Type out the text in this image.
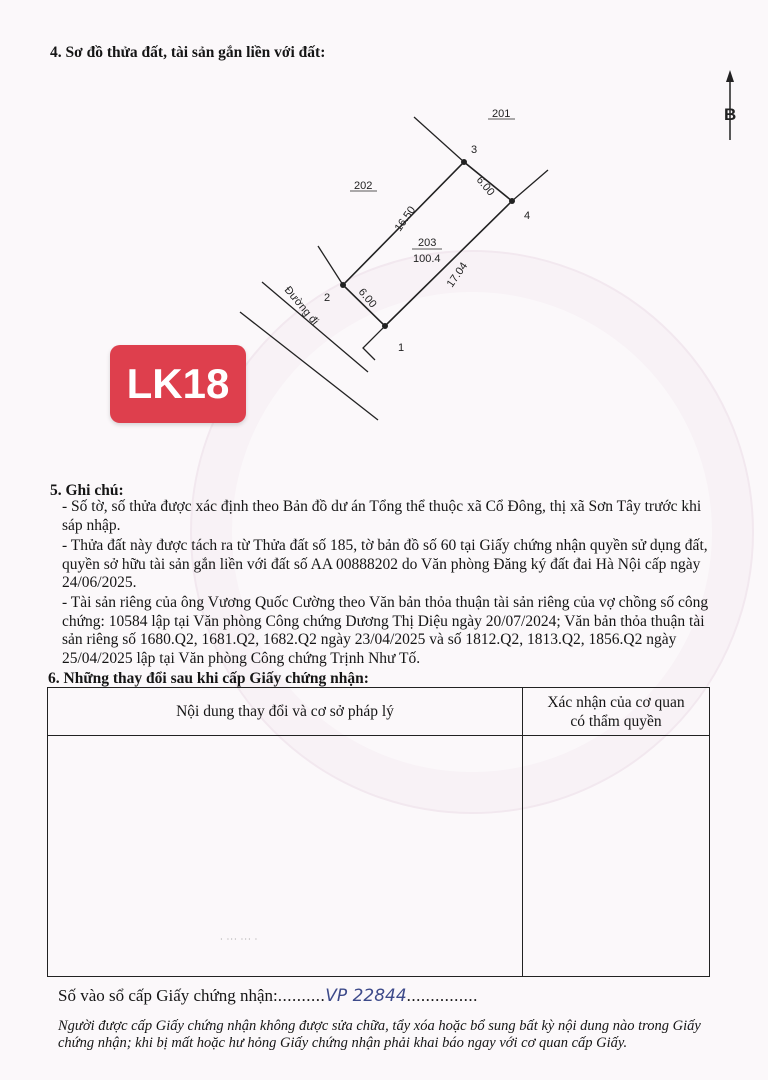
4. Sơ đồ thửa đất, tài sản gắn liền với đất:
B
201
202
203
100.4
1
2
3
4
16.50
17.04
6.00
6.00
Đường đi
LK18
5. Ghi chú:

- Số tờ, số thửa được xác định theo Bản đồ dư án Tổng thể thuộc xã Cổ Đông, thị xã Sơn Tây trước khi sáp nhập.

- Thửa đất này được tách ra từ Thửa đất số 185, tờ bản đồ số 60 tại Giấy chứng nhận quyền sử dụng đất, quyền sở hữu tài sản gắn liền với đất số AA 00888202 do Văn phòng Đăng ký đất đai Hà Nội cấp ngày 24/06/2025.

- Tài sản riêng của ông Vương Quốc Cường theo Văn bản thỏa thuận tài sản riêng của vợ chồng số công chứng: 10584 lập tại Văn phòng Công chứng Dương Thị Diệu ngày 20/07/2024; Văn bản thỏa thuận tài sản riêng số 1680.Q2, 1681.Q2, 1682.Q2 ngày 23/04/2025 và số 1812.Q2, 1813.Q2, 1856.Q2 ngày 25/04/2025 lập tại Văn phòng Công chứng Trịnh Như Tố.

6. Những thay đổi sau khi cấp Giấy chứng nhận:
Nội dung thay đổi và cơ sở pháp lý
Xác nhận của cơ quan có thẩm quyền
· ··· ··· ·

Số vào sổ cấp Giấy chứng nhận:..........VP 22844...............

Người được cấp Giấy chứng nhận không được sửa chữa, tẩy xóa hoặc bổ sung bất kỳ nội dung nào trong Giấy chứng nhận; khi bị mất hoặc hư hỏng Giấy chứng nhận phải khai báo ngay với cơ quan cấp Giấy.
